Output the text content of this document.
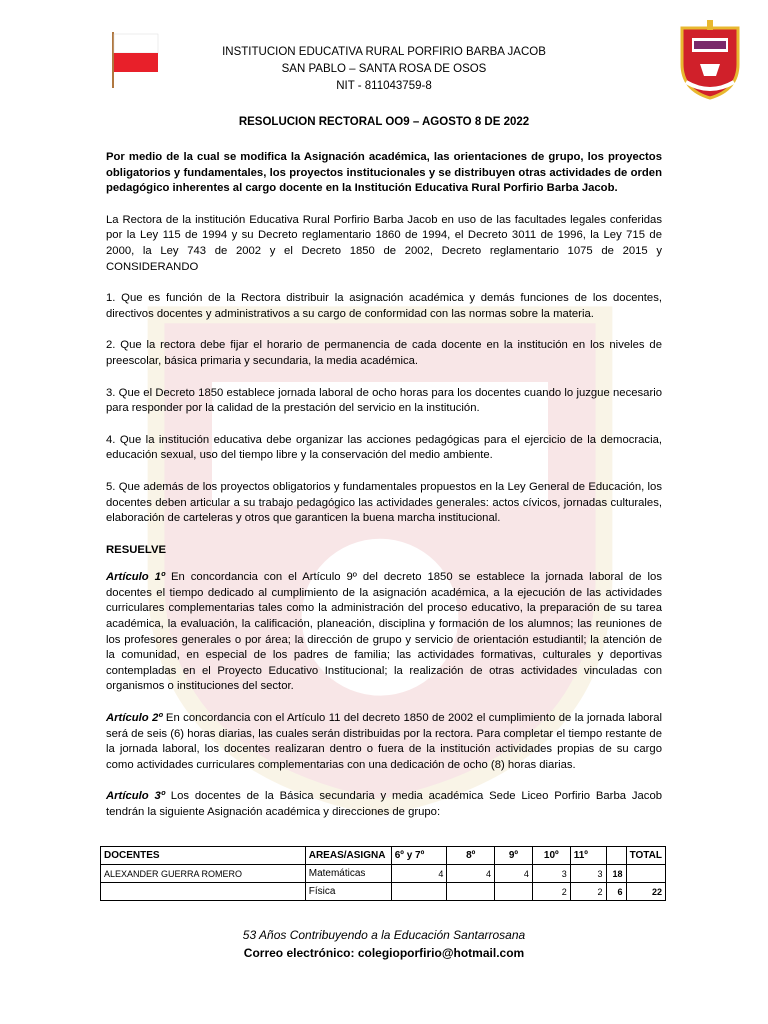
INSTITUCION EDUCATIVA RURAL PORFIRIO BARBA JACOB
SAN PABLO – SANTA ROSA DE OSOS
NIT - 811043759-8
RESOLUCION RECTORAL OO9 – AGOSTO 8 DE 2022

Por medio de la cual se modifica la Asignación académica, las orientaciones de grupo, los proyectos obligatorios y fundamentales, los proyectos institucionales y se distribuyen otras actividades de orden pedagógico inherentes al cargo docente en la Institución Educativa Rural Porfirio Barba Jacob.

La Rectora de la institución Educativa Rural Porfirio Barba Jacob en uso de las facultades legales conferidas por la Ley 115 de 1994 y su Decreto reglamentario 1860 de 1994, el Decreto 3011 de 1996, la Ley 715 de 2000, la Ley 743 de 2002 y el Decreto 1850 de 2002, Decreto reglamentario 1075 de 2015 y CONSIDERANDO

1. Que es función de la Rectora distribuir la asignación académica y demás funciones de los docentes, directivos docentes y administrativos a su cargo de conformidad con las normas sobre la materia.

2. Que la rectora debe fijar el horario de permanencia de cada docente en la institución en los niveles de preescolar, básica primaria y secundaria, la media académica.

3. Que el Decreto 1850 establece jornada laboral de ocho horas para los docentes cuando lo juzgue necesario para responder por la calidad de la prestación del servicio en la institución.

4. Que la institución educativa debe organizar las acciones pedagógicas para el ejercicio de la democracia, educación sexual, uso del tiempo libre y la conservación del medio ambiente.

5. Que además de los proyectos obligatorios y fundamentales propuestos en la Ley General de Educación, los docentes deben articular a su trabajo pedagógico las actividades generales: actos cívicos, jornadas culturales, elaboración de carteleras y otros que garanticen la buena marcha institucional.

RESUELVE

Artículo 1º En concordancia con el Artículo 9º del decreto 1850 se establece la jornada laboral de los docentes el tiempo dedicado al cumplimiento de la asignación académica, a la ejecución de las actividades curriculares complementarias tales como la administración del proceso educativo, la preparación de su tarea académica, la evaluación, la calificación, planeación, disciplina y formación de los alumnos; las reuniones de los profesores generales o por área; la dirección de grupo y servicio de orientación estudiantil; la atención de la comunidad, en especial de los padres de familia; las actividades formativas, culturales y deportivas contempladas en el Proyecto Educativo Institucional; la realización de otras actividades vinculadas con organismos o instituciones del sector.

Artículo 2º En concordancia con el Artículo 11 del decreto 1850 de 2002 el cumplimiento de la jornada laboral será de seis (6) horas diarias, las cuales serán distribuidas por la rectora. Para completar el tiempo restante de la jornada laboral, los docentes realizaran dentro o fuera de la institución actividades propias de su cargo como actividades curriculares complementarias con una dedicación de ocho (8) horas diarias.

Artículo 3º Los docentes de la Básica secundaria y media académica Sede Liceo Porfirio Barba Jacob tendrán la siguiente Asignación académica y direcciones de grupo:

DOCENTES	AREAS/ASIGNA	6º y 7º	8º	9º	10º	11º		TOTAL
ALEXANDER GUERRA ROMERO	Matemáticas	4	4	4	3	3	18	
	Física				2	2	6	22
53 Años Contribuyendo a la Educación Santarrosana
Correo electrónico: colegioporfirio@hotmail.com
